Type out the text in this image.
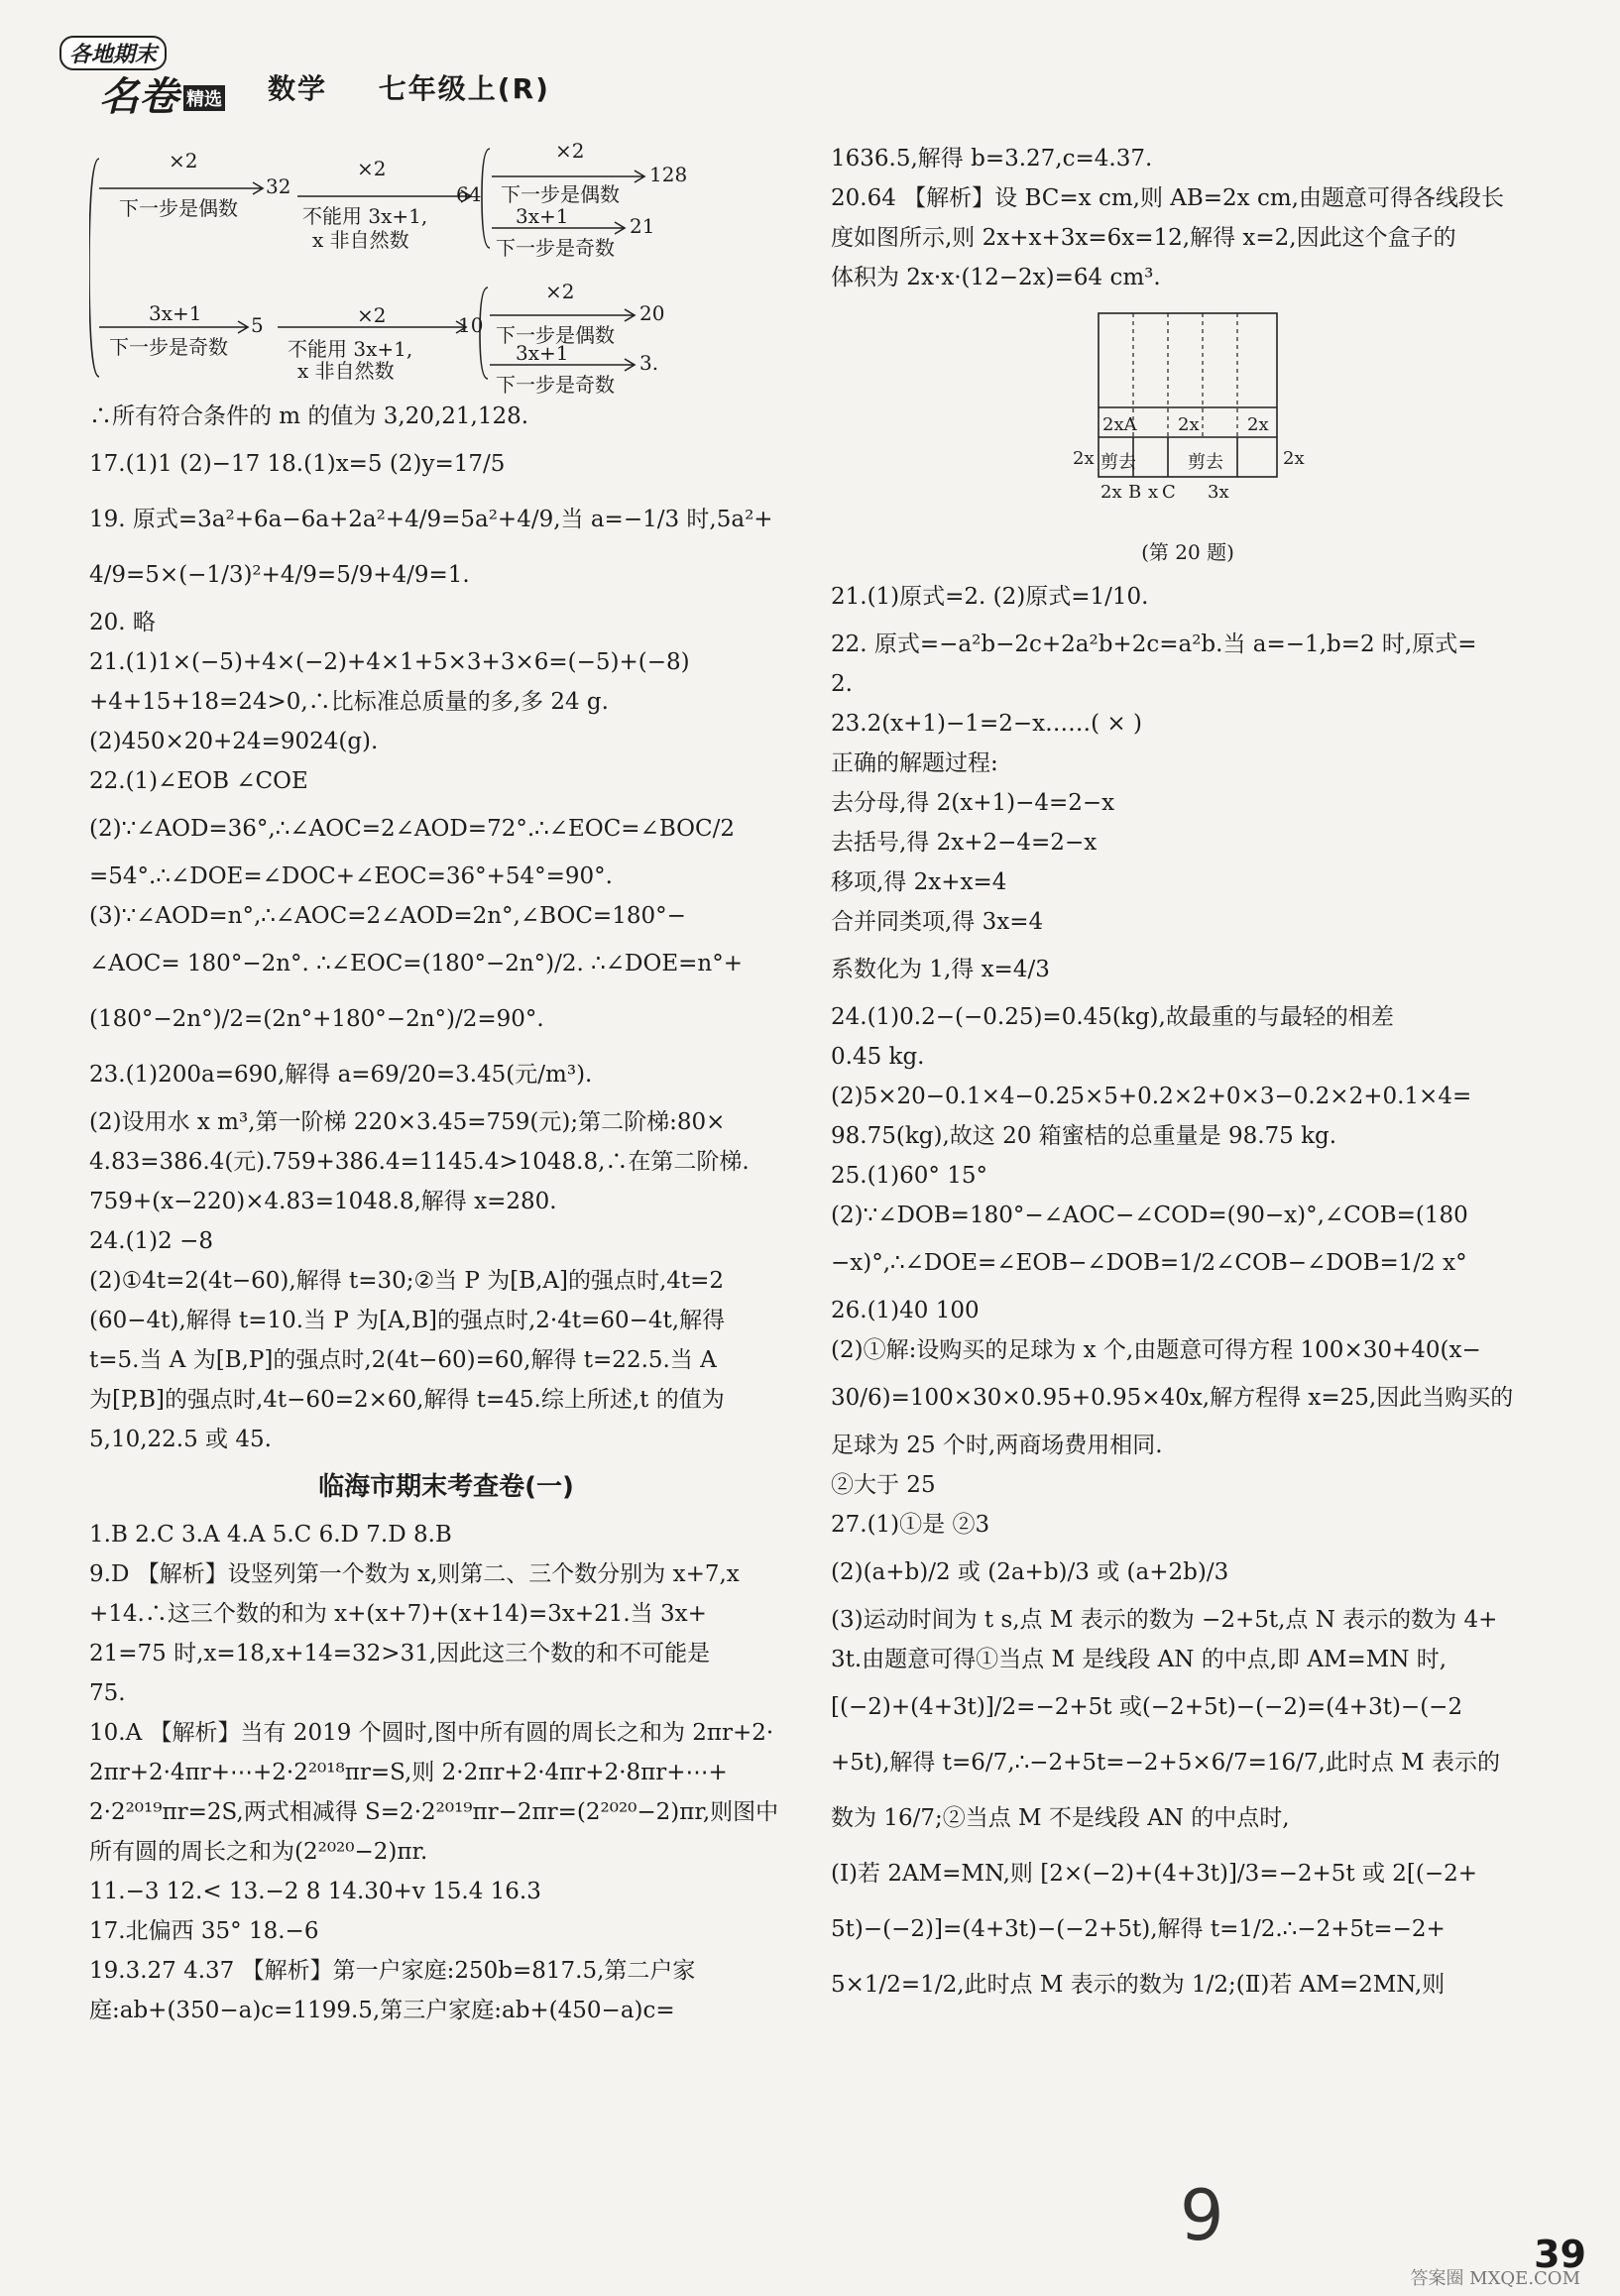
各地期末
名卷 精选 数学 七年级上(R)
×2
下一步是偶数
32
×2
不能用 3x+1,
x 非自然数
64
×2
下一步是偶数
128
3x+1
下一步是奇数
21
3x+1
下一步是奇数
5	×2
不能用 3x+1,
x 非自然数
10
×2
下一步是偶数
20
3x+1
下一步是奇数
3.
∴所有符合条件的 m 的值为 3,20,21,128.
17.(1)1 (2)−17 18.(1)x=5 (2)y=17/5
19. 原式=3a²+6a−6a+2a²+4/9=5a²+4/9,当 a=−1/3 时,5a²+
4/9=5×(−1/3)²+4/9=5/9+4/9=1.
20. 略
21.(1)1×(−5)+4×(−2)+4×1+5×3+3×6=(−5)+(−8)
+4+15+18=24>0,∴比标准总质量的多,多 24 g.
(2)450×20+24=9024(g).
22.(1)∠EOB ∠COE
(2)∵∠AOD=36°,∴∠AOC=2∠AOD=72°.∴∠EOC=∠BOC/2
=54°.∴∠DOE=∠DOC+∠EOC=36°+54°=90°.
(3)∵∠AOD=n°,∴∠AOC=2∠AOD=2n°,∠BOC=180°−
∠AOC= 180°−2n°. ∴∠EOC=(180°−2n°)/2. ∴∠DOE=n°+
(180°−2n°)/2=(2n°+180°−2n°)/2=90°.
23.(1)200a=690,解得 a=69/20=3.45(元/m³).
(2)设用水 x m³,第一阶梯 220×3.45=759(元);第二阶梯:80×
4.83=386.4(元).759+386.4=1145.4>1048.8,∴在第二阶梯.
759+(x−220)×4.83=1048.8,解得 x=280.
24.(1)2 −8
(2)①4t=2(4t−60),解得 t=30;②当 P 为[B,A]的强点时,4t=2
(60−4t),解得 t=10.当 P 为[A,B]的强点时,2·4t=60−4t,解得
t=5.当 A 为[B,P]的强点时,2(4t−60)=60,解得 t=22.5.当 A
为[P,B]的强点时,4t−60=2×60,解得 t=45.综上所述,t 的值为
5,10,22.5 或 45.
临海市期末考查卷(一)
1.B 2.C 3.A 4.A 5.C 6.D 7.D 8.B
9.D 【解析】设竖列第一个数为 x,则第二、三个数分别为 x+7,x
+14.∴这三个数的和为 x+(x+7)+(x+14)=3x+21.当 3x+
21=75 时,x=18,x+14=32>31,因此这三个数的和不可能是
75.
10.A 【解析】当有 2019 个圆时,图中所有圆的周长之和为 2πr+2·
2πr+2·4πr+⋯+2·2²⁰¹⁸πr=S,则 2·2πr+2·4πr+2·8πr+⋯+
2·2²⁰¹⁹πr=2S,两式相减得 S=2·2²⁰¹⁹πr−2πr=(2²⁰²⁰−2)πr,则图中
所有圆的周长之和为(2²⁰²⁰−2)πr.
11.−3 12.< 13.−2 8 14.30+v 15.4 16.3
17.北偏西 35° 18.−6
19.3.27 4.37 【解析】第一户家庭:250b=817.5,第二户家
庭:ab+(350−a)c=1199.5,第三户家庭:ab+(450−a)c=
1636.5,解得 b=3.27,c=4.37.
20.64 【解析】设 BC=x cm,则 AB=2x cm,由题意可得各线段长
度如图所示,则 2x+x+3x=6x=12,解得 x=2,因此这个盒子的
体积为 2x·x·(12−2x)=64 cm³.
2xA 2x	2x
剪去
2x	剪去	2x
2x B x C 3x
(第 20 题)
21.(1)原式=2. (2)原式=1/10.
22. 原式=−a²b−2c+2a²b+2c=a²b.当 a=−1,b=2 时,原式=
2.
23.2(x+1)−1=2−x……( × )
正确的解题过程:
去分母,得 2(x+1)−4=2−x
去括号,得 2x+2−4=2−x
移项,得 2x+x=4
合并同类项,得 3x=4
系数化为 1,得 x=4/3
24.(1)0.2−(−0.25)=0.45(kg),故最重的与最轻的相差
0.45 kg.
(2)5×20−0.1×4−0.25×5+0.2×2+0×3−0.2×2+0.1×4=
98.75(kg),故这 20 箱蜜桔的总重量是 98.75 kg.
25.(1)60° 15°
(2)∵∠DOB=180°−∠AOC−∠COD=(90−x)°,∠COB=(180
−x)°,∴∠DOE=∠EOB−∠DOB=1/2∠COB−∠DOB=1/2 x°
26.(1)40 100
(2)①解:设购买的足球为 x 个,由题意可得方程 100×30+40(x−
30/6)=100×30×0.95+0.95×40x,解方程得 x=25,因此当购买的
足球为 25 个时,两商场费用相同.
②大于 25
27.(1)①是 ②3
(2)(a+b)/2 或 (2a+b)/3 或 (a+2b)/3
(3)运动时间为 t s,点 M 表示的数为 −2+5t,点 N 表示的数为 4+
3t.由题意可得①当点 M 是线段 AN 的中点,即 AM=MN 时,
[(−2)+(4+3t)]/2=−2+5t 或(−2+5t)−(−2)=(4+3t)−(−2
+5t),解得 t=6/7,∴−2+5t=−2+5×6/7=16/7,此时点 M 表示的
数为 16/7;②当点 M 不是线段 AN 的中点时,
(Ⅰ)若 2AM=MN,则 [2×(−2)+(4+3t)]/3=−2+5t 或 2[(−2+
5t)−(−2)]=(4+3t)−(−2+5t),解得 t=1/2.∴−2+5t=−2+
5×1/2=1/2,此时点 M 表示的数为 1/2;(Ⅱ)若 AM=2MN,则
9	39
答案圈 MXQE.COM
